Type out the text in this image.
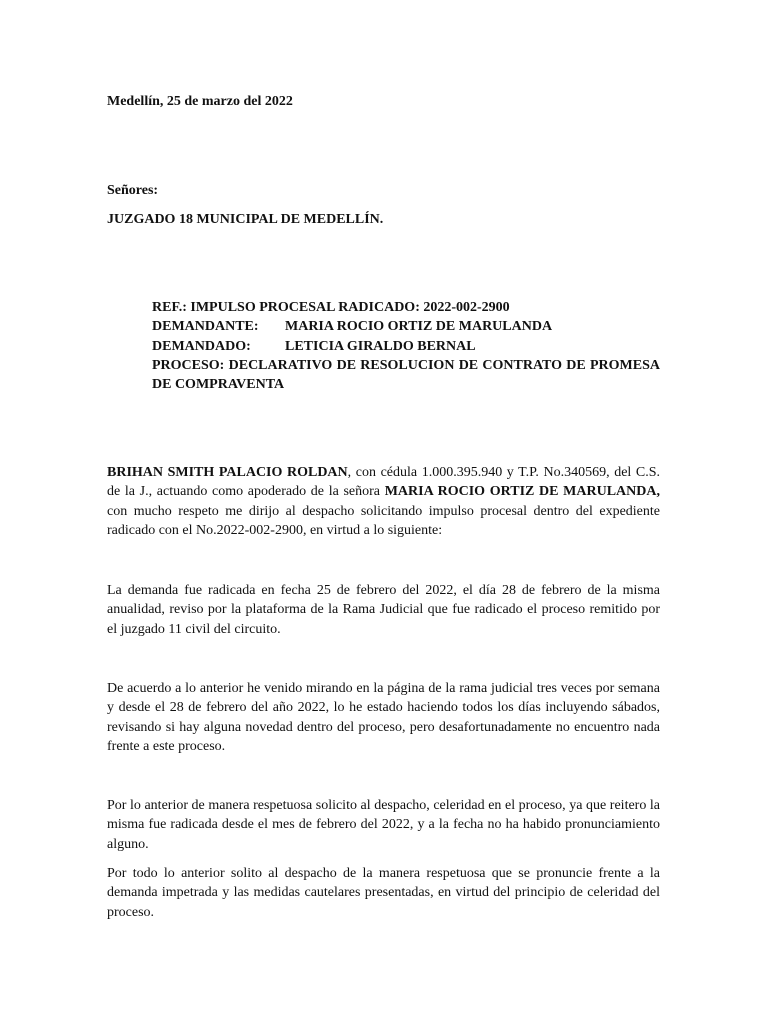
Medellín, 25 de marzo del 2022
Señores:
JUZGADO 18 MUNICIPAL DE MEDELLÍN.
REF.: IMPULSO PROCESAL RADICADO: 2022-002-2900
DEMANDANTE: MARIA ROCIO ORTIZ DE MARULANDA
DEMANDADO: LETICIA GIRALDO BERNAL
PROCESO: DECLARATIVO DE RESOLUCION DE CONTRATO DE PROMESA DE COMPRAVENTA
BRIHAN SMITH PALACIO ROLDAN, con cédula 1.000.395.940 y T.P. No.340569, del C.S. de la J., actuando como apoderado de la señora MARIA ROCIO ORTIZ DE MARULANDA, con mucho respeto me dirijo al despacho solicitando impulso procesal dentro del expediente radicado con el No.2022-002-2900, en virtud a lo siguiente:
La demanda fue radicada en fecha 25 de febrero del 2022, el día 28 de febrero de la misma anualidad, reviso por la plataforma de la Rama Judicial que fue radicado el proceso remitido por el juzgado 11 civil del circuito.
De acuerdo a lo anterior he venido mirando en la página de la rama judicial tres veces por semana y desde el 28 de febrero del año 2022, lo he estado haciendo todos los días incluyendo sábados, revisando si hay alguna novedad dentro del proceso, pero desafortunadamente no encuentro nada frente a este proceso.
Por lo anterior de manera respetuosa solicito al despacho, celeridad en el proceso, ya que reitero la misma fue radicada desde el mes de febrero del 2022, y a la fecha no ha habido pronunciamiento alguno.
Por todo lo anterior solito al despacho de la manera respetuosa que se pronuncie frente a la demanda impetrada y las medidas cautelares presentadas, en virtud del principio de celeridad del proceso.
